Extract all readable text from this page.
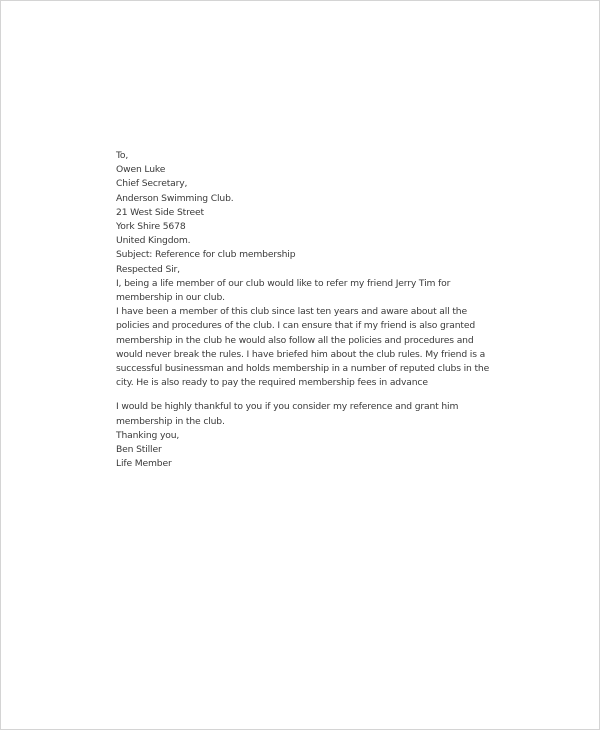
To,
Owen Luke
Chief Secretary,
Anderson Swimming Club.
21 West Side Street
York Shire 5678
United Kingdom.
Subject: Reference for club membership
Respected Sir,
I, being a life member of our club would like to refer my friend Jerry Tim for membership in our club.
I have been a member of this club since last ten years and aware about all the policies and procedures of the club. I can ensure that if my friend is also granted membership in the club he would also follow all the policies and procedures and would never break the rules. I have briefed him about the club rules. My friend is a successful businessman and holds membership in a number of reputed clubs in the city. He is also ready to pay the required membership fees in advance
I would be highly thankful to you if you consider my reference and grant him membership in the club.
Thanking you,
Ben Stiller
Life Member
